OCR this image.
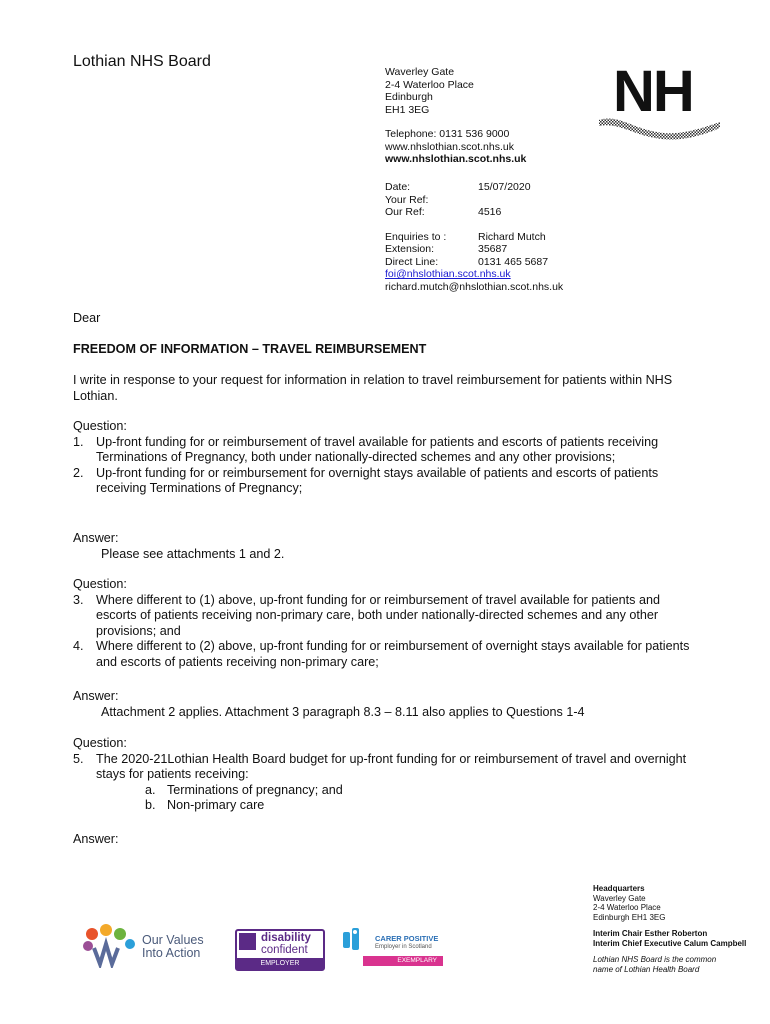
Lothian NHS Board
Waverley Gate
2-4 Waterloo Place
Edinburgh
EH1 3EG
Telephone: 0131 536 9000
www.nhslothian.scot.nhs.uk
www.nhslothian.scot.nhs.uk
NH
Date:	15/07/2020
Your Ref:
Our Ref:	4516
Enquiries to :	Richard Mutch
Extension:	35687
Direct Line:	0131 465 5687
foi@nhslothian.scot.nhs.uk
richard.mutch@nhslothian.scot.nhs.uk
Dear
FREEDOM OF INFORMATION – TRAVEL REIMBURSEMENT
I write in response to your request for information in relation to travel reimbursement for patients within NHS Lothian.
Question:
1. Up-front funding for or reimbursement of travel available for patients and escorts of patients receiving Terminations of Pregnancy, both under nationally-directed schemes and any other provisions;
2. Up-front funding for or reimbursement for overnight stays available of patients and escorts of patients receiving Terminations of Pregnancy;
Answer:
Please see attachments 1 and 2.
Question:
3. Where different to (1) above, up-front funding for or reimbursement of travel available for patients and escorts of patients receiving non-primary care, both under nationally-directed schemes and any other provisions; and
4. Where different to (2) above, up-front funding for or reimbursement of overnight stays available for patients and escorts of patients receiving non-primary care;
Answer:
Attachment 2 applies. Attachment 3 paragraph 8.3 – 8.11 also applies to Questions 1-4
Question:
5. The 2020-21Lothian Health Board budget for up-front funding for or reimbursement of travel and overnight stays for patients receiving:
a. Terminations of pregnancy; and
b. Non-primary care
Answer:
Our Values
Into Action
disability
confident
EMPLOYER
CARER POSITIVE
Employer in Scotland
EXEMPLARY
Headquarters
Waverley Gate
2-4 Waterloo Place
Edinburgh EH1 3EG
Interim Chair Esther Roberton
Interim Chief Executive Calum Campbell
Lothian NHS Board is the common
name of Lothian Health Board
